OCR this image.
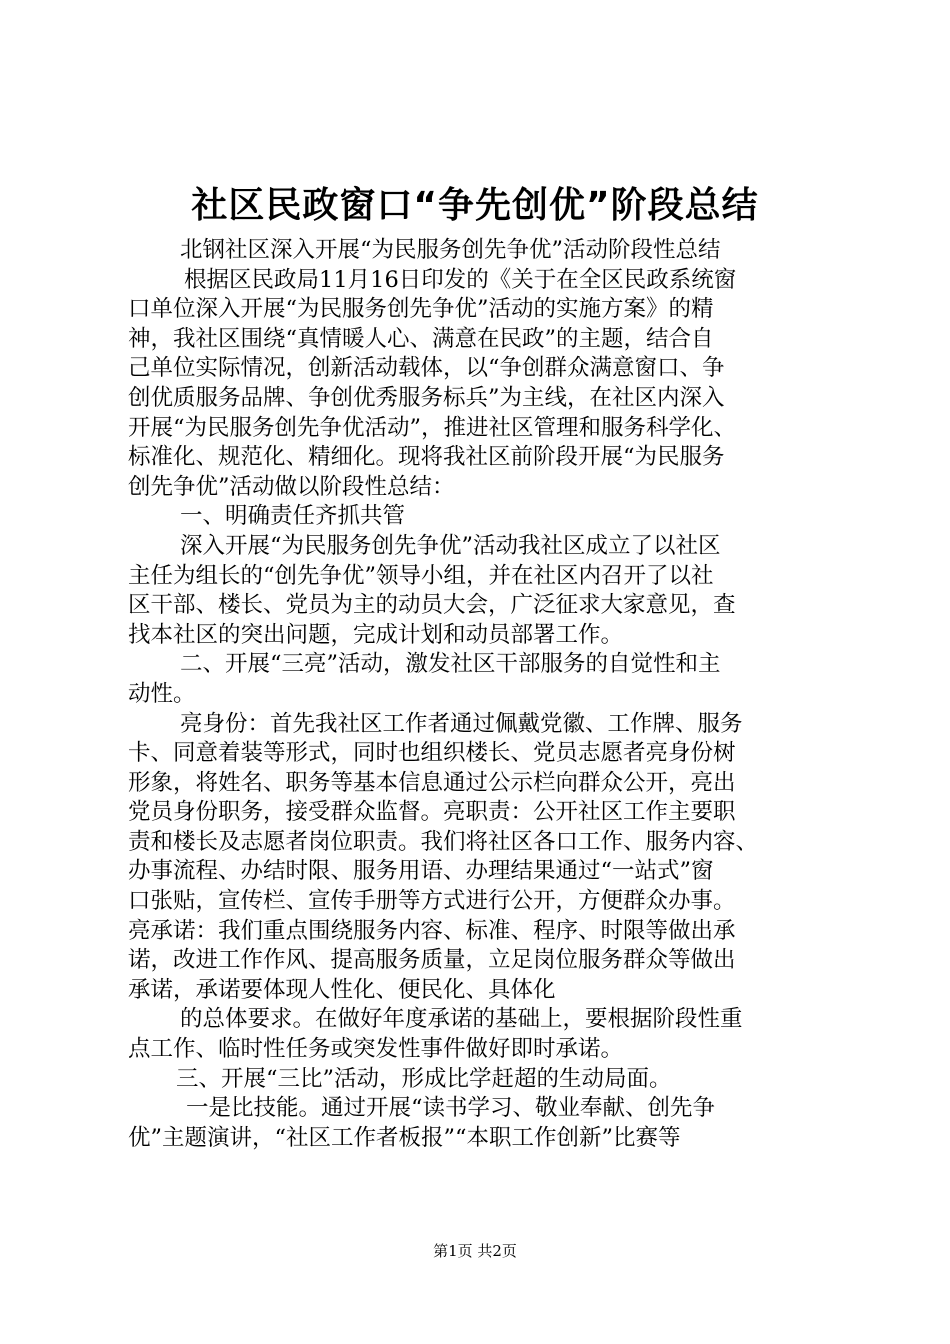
社区民政窗口“争先创优”阶段总结
北钢社区深入开展“为民服务创先争优”活动阶段性总结
根据区民政局11月16日印发的《关于在全区民政系统窗
口单位深入开展“为民服务创先争优”活动的实施方案》的精
神，我社区围绕“真情暖人心、满意在民政”的主题，结合自
己单位实际情况，创新活动载体，以“争创群众满意窗口、争
创优质服务品牌、争创优秀服务标兵”为主线，在社区内深入
开展“为民服务创先争优活动”，推进社区管理和服务科学化、
标准化、规范化、精细化。现将我社区前阶段开展“为民服务
创先争优”活动做以阶段性总结：
一、明确责任齐抓共管
深入开展“为民服务创先争优”活动我社区成立了以社区
主任为组长的“创先争优”领导小组，并在社区内召开了以社
区干部、楼长、党员为主的动员大会，广泛征求大家意见，查
找本社区的突出问题，完成计划和动员部署工作。
二、开展“三亮”活动，激发社区干部服务的自觉性和主
动性。
亮身份：首先我社区工作者通过佩戴党徽、工作牌、服务
卡、同意着装等形式，同时也组织楼长、党员志愿者亮身份树
形象，将姓名、职务等基本信息通过公示栏向群众公开，亮出
党员身份职务，接受群众监督。亮职责：公开社区工作主要职
责和楼长及志愿者岗位职责。我们将社区各口工作、服务内容、
办事流程、办结时限、服务用语、办理结果通过“一站式”窗
口张贴，宣传栏、宣传手册等方式进行公开，方便群众办事。
亮承诺：我们重点围绕服务内容、标准、程序、时限等做出承
诺，改进工作作风、提高服务质量，立足岗位服务群众等做出
承诺，承诺要体现人性化、便民化、具体化
的总体要求。在做好年度承诺的基础上，要根据阶段性重
点工作、临时性任务或突发性事件做好即时承诺。
三、开展“三比”活动，形成比学赶超的生动局面。
一是比技能。通过开展“读书学习、敬业奉献、创先争
优”主题演讲，“社区工作者板报”“本职工作创新”比赛等
第1页 共2页
